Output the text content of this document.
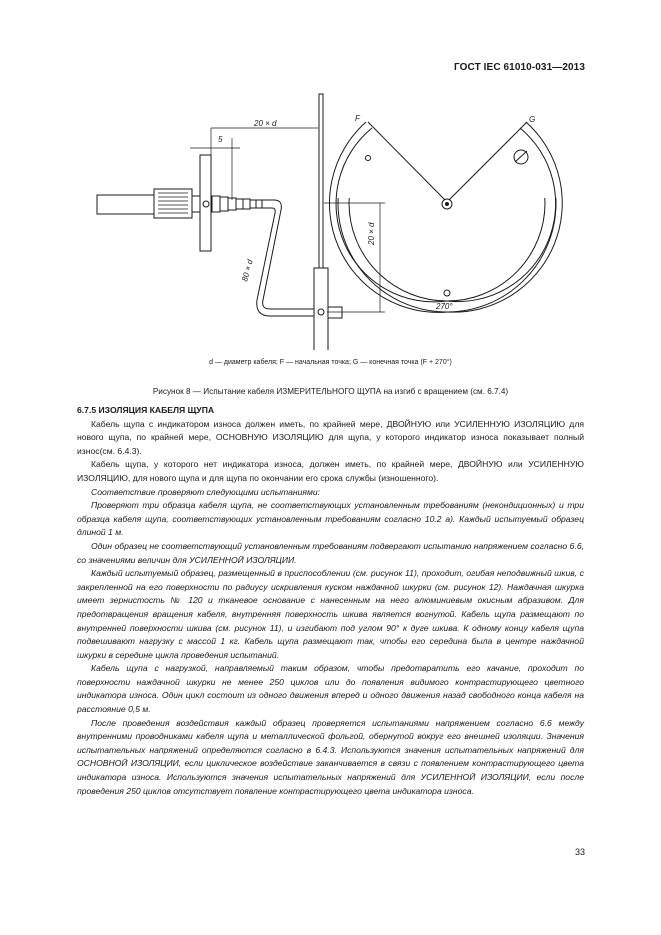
ГОСТ IEC 61010-031—2013
20 × d
5
20 × d
80 × d
F	G
270°
d — диаметр кабеля; F — начальная точка; G — конечная точка (F + 270°)
Рисунок 8 — Испытание кабеля ИЗМЕРИТЕЛЬНОГО ЩУПА на изгиб с вращением (см. 6.7.4)

6.7.5 ИЗОЛЯЦИЯ КАБЕЛЯ ЩУПА

Кабель щупа с индикатором износа должен иметь, по крайней мере, ДВОЙНУЮ или УСИЛЕННУЮ ИЗОЛЯЦИЮ для нового щупа, по крайней мере, ОСНОВНУЮ ИЗОЛЯЦИЮ для щупа, у которого индикатор износа показывает полный износ(см. 6.4.3).

Кабель щупа, у которого нет индикатора износа, должен иметь, по крайней мере, ДВОЙНУЮ или УСИЛЕННУЮ ИЗОЛЯЦИЮ, для нового щупа и для щупа по окончании его срока службы (изношенного).

Соответствие проверяют следующими испытаниями:

Проверяют три образца кабеля щупа, не соответствующих установленным требованиям (некондиционных) и три образца кабеля щупа, соответствующих установленным требованиям согласно 10.2 а). Каждый испытуемый образец длиной 1 м.

Один образец не соответствующий установленным требованиям подвергают испытанию напряжением согласно 6.6, со значениями величин для УСИЛЕННОЙ ИЗОЛЯЦИИ.

Каждый испытуемый образец, размещенный в приспособлении (см. рисунок 11), проходит, огибая неподвижный шкив, с закрепленной на его поверхности по радиусу искривления куском наждачной шкурки (см. рисунок 12). Наждачная шкурка имеет зернистость № 120 и тканевое основание с нанесенным на него алюминиевым окисным абразивом. Для предотвращения вращения кабеля, внутренняя поверхность шкива является вогнутой. Кабель щупа размещают по внутренней поверхности шкива (см. рисунок 11), и изгибают под углом 90° к дуге шкива. К одному концу кабеля щупа подвешивают нагрузку с массой 1 кг. Кабель щупа размещают так, чтобы его середина была в центре наждачной шкурки в середине цикла проведения испытаний.

Кабель щупа с нагрузкой, направляемый таким образом, чтобы предотвратить его качание, проходит по поверхности наждачной шкурки не менее 250 циклов или до появления видимого контрастирующего цветного индикатора износа. Один цикл состоит из одного движения вперед и одного движения назад свободного конца кабеля на расстояние 0,5 м.

После проведения воздействия каждый образец проверяется испытаниями напряжением согласно 6.6 между внутренними проводниками кабеля щупа и металлической фольгой, обернутой вокруг его внешней изоляции. Значения испытательных напряжений определяются согласно в 6.4.3. Используются значения испытательных напряжений для ОСНОВНОЙ ИЗОЛЯЦИИ, если циклическое воздействие заканчивается в связи с появлением контрастирующего цвета индикатора износа. Используются значения испытательных напряжений для УСИЛЕННОЙ ИЗОЛЯЦИИ, если после проведения 250 циклов отсутствует появление контрастирующего цвета индикатора износа.

33
